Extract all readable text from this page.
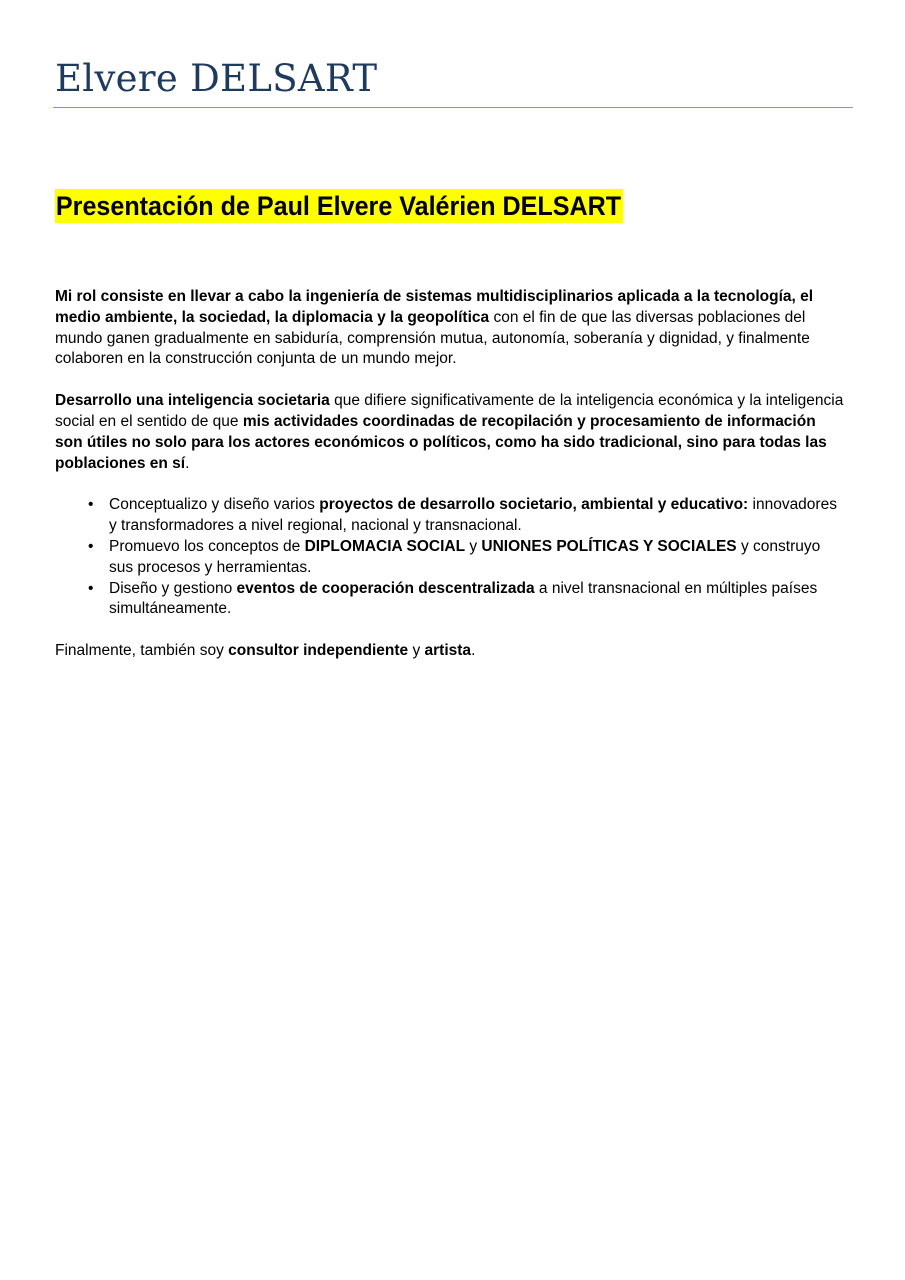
Elvere DELSART
Presentación de Paul Elvere Valérien DELSART

Mi rol consiste en llevar a cabo la ingeniería de sistemas multidisciplinarios aplicada a la tecnología, el medio ambiente, la sociedad, la diplomacia y la geopolítica con el fin de que las diversas poblaciones del mundo ganen gradualmente en sabiduría, comprensión mutua, autonomía, soberanía y dignidad, y finalmente colaboren en la construcción conjunta de un mundo mejor.

Desarrollo una inteligencia societaria que difiere significativamente de la inteligencia económica y la inteligencia social en el sentido de que mis actividades coordinadas de recopilación y procesamiento de información son útiles no solo para los actores económicos o políticos, como ha sido tradicional, sino para todas las poblaciones en sí.

• Conceptualizo y diseño varios proyectos de desarrollo societario, ambiental y educativo: innovadores y transformadores a nivel regional, nacional y transnacional.
• Promuevo los conceptos de DIPLOMACIA SOCIAL y UNIONES POLÍTICAS Y SOCIALES y construyo sus procesos y herramientas.
• Diseño y gestiono eventos de cooperación descentralizada a nivel transnacional en múltiples países simultáneamente.

Finalmente, también soy consultor independiente y artista.
